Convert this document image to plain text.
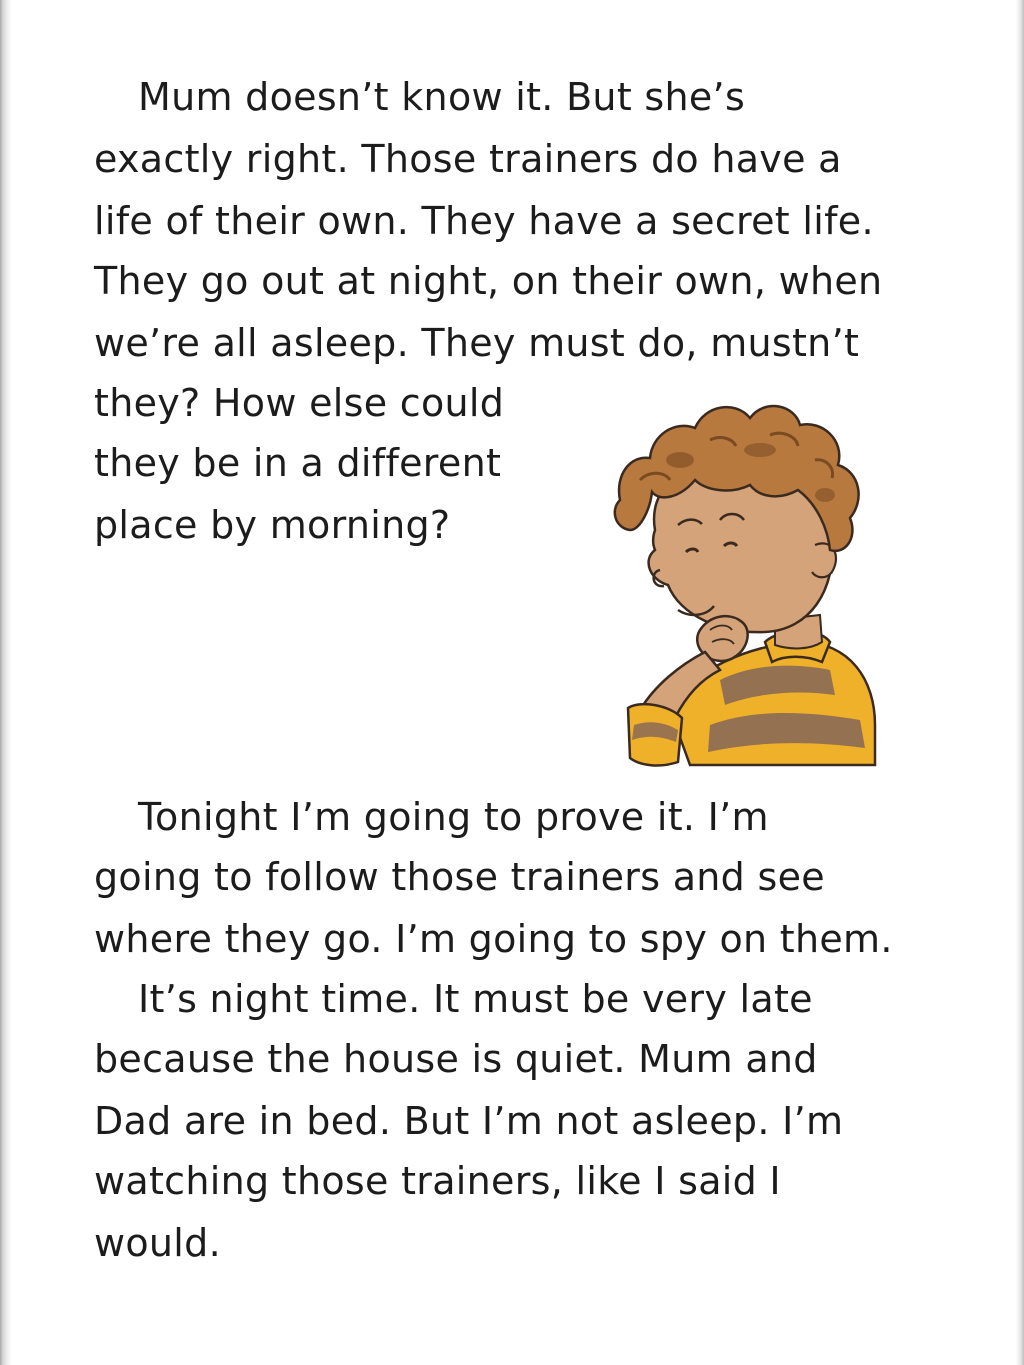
Mum doesn’t know it. But she’s

exactly right. Those trainers do have a

life of their own. They have a secret life.

They go out at night, on their own, when

we’re all asleep. They must do, mustn’t

they? How else could

they be in a different

place by morning?

Tonight I’m going to prove it. I’m

going to follow those trainers and see

where they go. I’m going to spy on them.

It’s night time. It must be very late

because the house is quiet. Mum and

Dad are in bed. But I’m not asleep. I’m

watching those trainers, like I said I

would.
